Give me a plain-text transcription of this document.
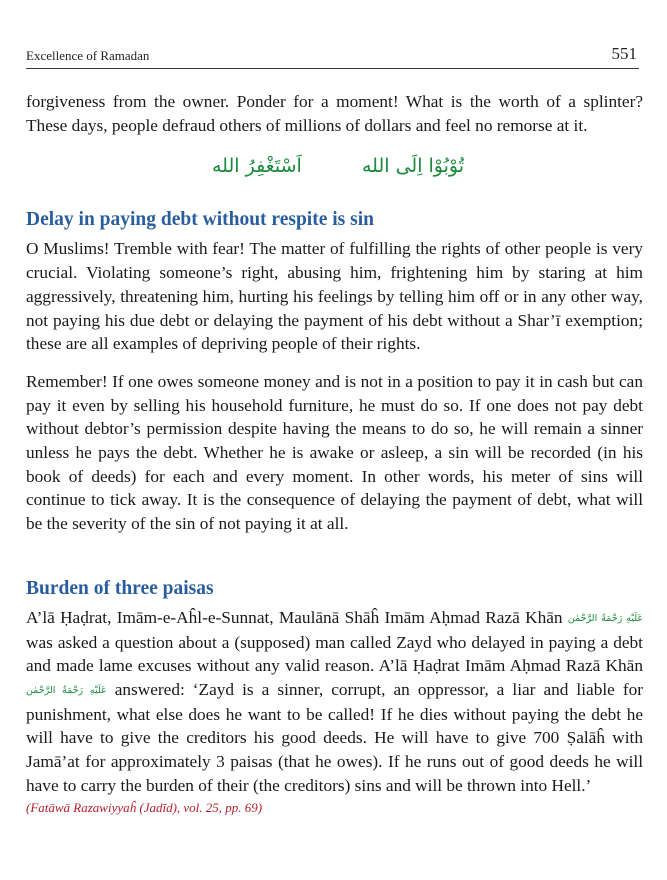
Excellence of Ramadan	551

forgiveness from the owner. Ponder for a moment! What is the worth of a splinter? These days, people defraud others of millions of dollars and feel no remorse at it.

تُوْبُوْا اِلَى الله
اَسْتَغْفِرُ الله
Delay in paying debt without respite is sin

O Muslims! Tremble with fear! The matter of fulfilling the rights of other people is very crucial. Violating someone’s right, abusing him, frightening him by staring at him aggressively, threatening him, hurting his feelings by telling him off or in any other way, not paying his due debt or delaying the payment of his debt without a Shar’ī exemption; these are all examples of depriving people of their rights.

Remember! If one owes someone money and is not in a position to pay it in cash but can pay it even by selling his household furniture, he must do so. If one does not pay debt without debtor’s permission despite having the means to do so, he will remain a sinner unless he pays the debt. Whether he is awake or asleep, a sin will be recorded (in his book of deeds) for each and every moment. In other words, his meter of sins will continue to tick away. It is the consequence of delaying the payment of debt, what will be the severity of the sin of not paying it at all.

Burden of three paisas

A’lā Ḥaḍrat, Imām-e-Aĥl-e-Sunnat, Maulānā Shāĥ Imām Aḥmad Razā Khān عَلَيْهِ رَحْمَةُ الرَّحْمٰن was asked a question about a (supposed) man called Zayd who delayed in paying a debt and made lame excuses without any valid reason. A’lā Ḥaḍrat Imām Aḥmad Razā Khān عَلَيْهِ رَحْمَةُ الرَّحْمٰن answered: ‘Zayd is a sinner, corrupt, an oppressor, a liar and liable for punishment, what else does he want to be called! If he dies without paying the debt he will have to give the creditors his good deeds. He will have to give 700 Ṣalāĥ with Jamā’at for approximately 3 paisas (that he owes). If he runs out of good deeds he will have to carry the burden of their (the creditors) sins and will be thrown into Hell.’

(Fatāwā Razawiyyaĥ (Jadīd), vol. 25, pp. 69)
